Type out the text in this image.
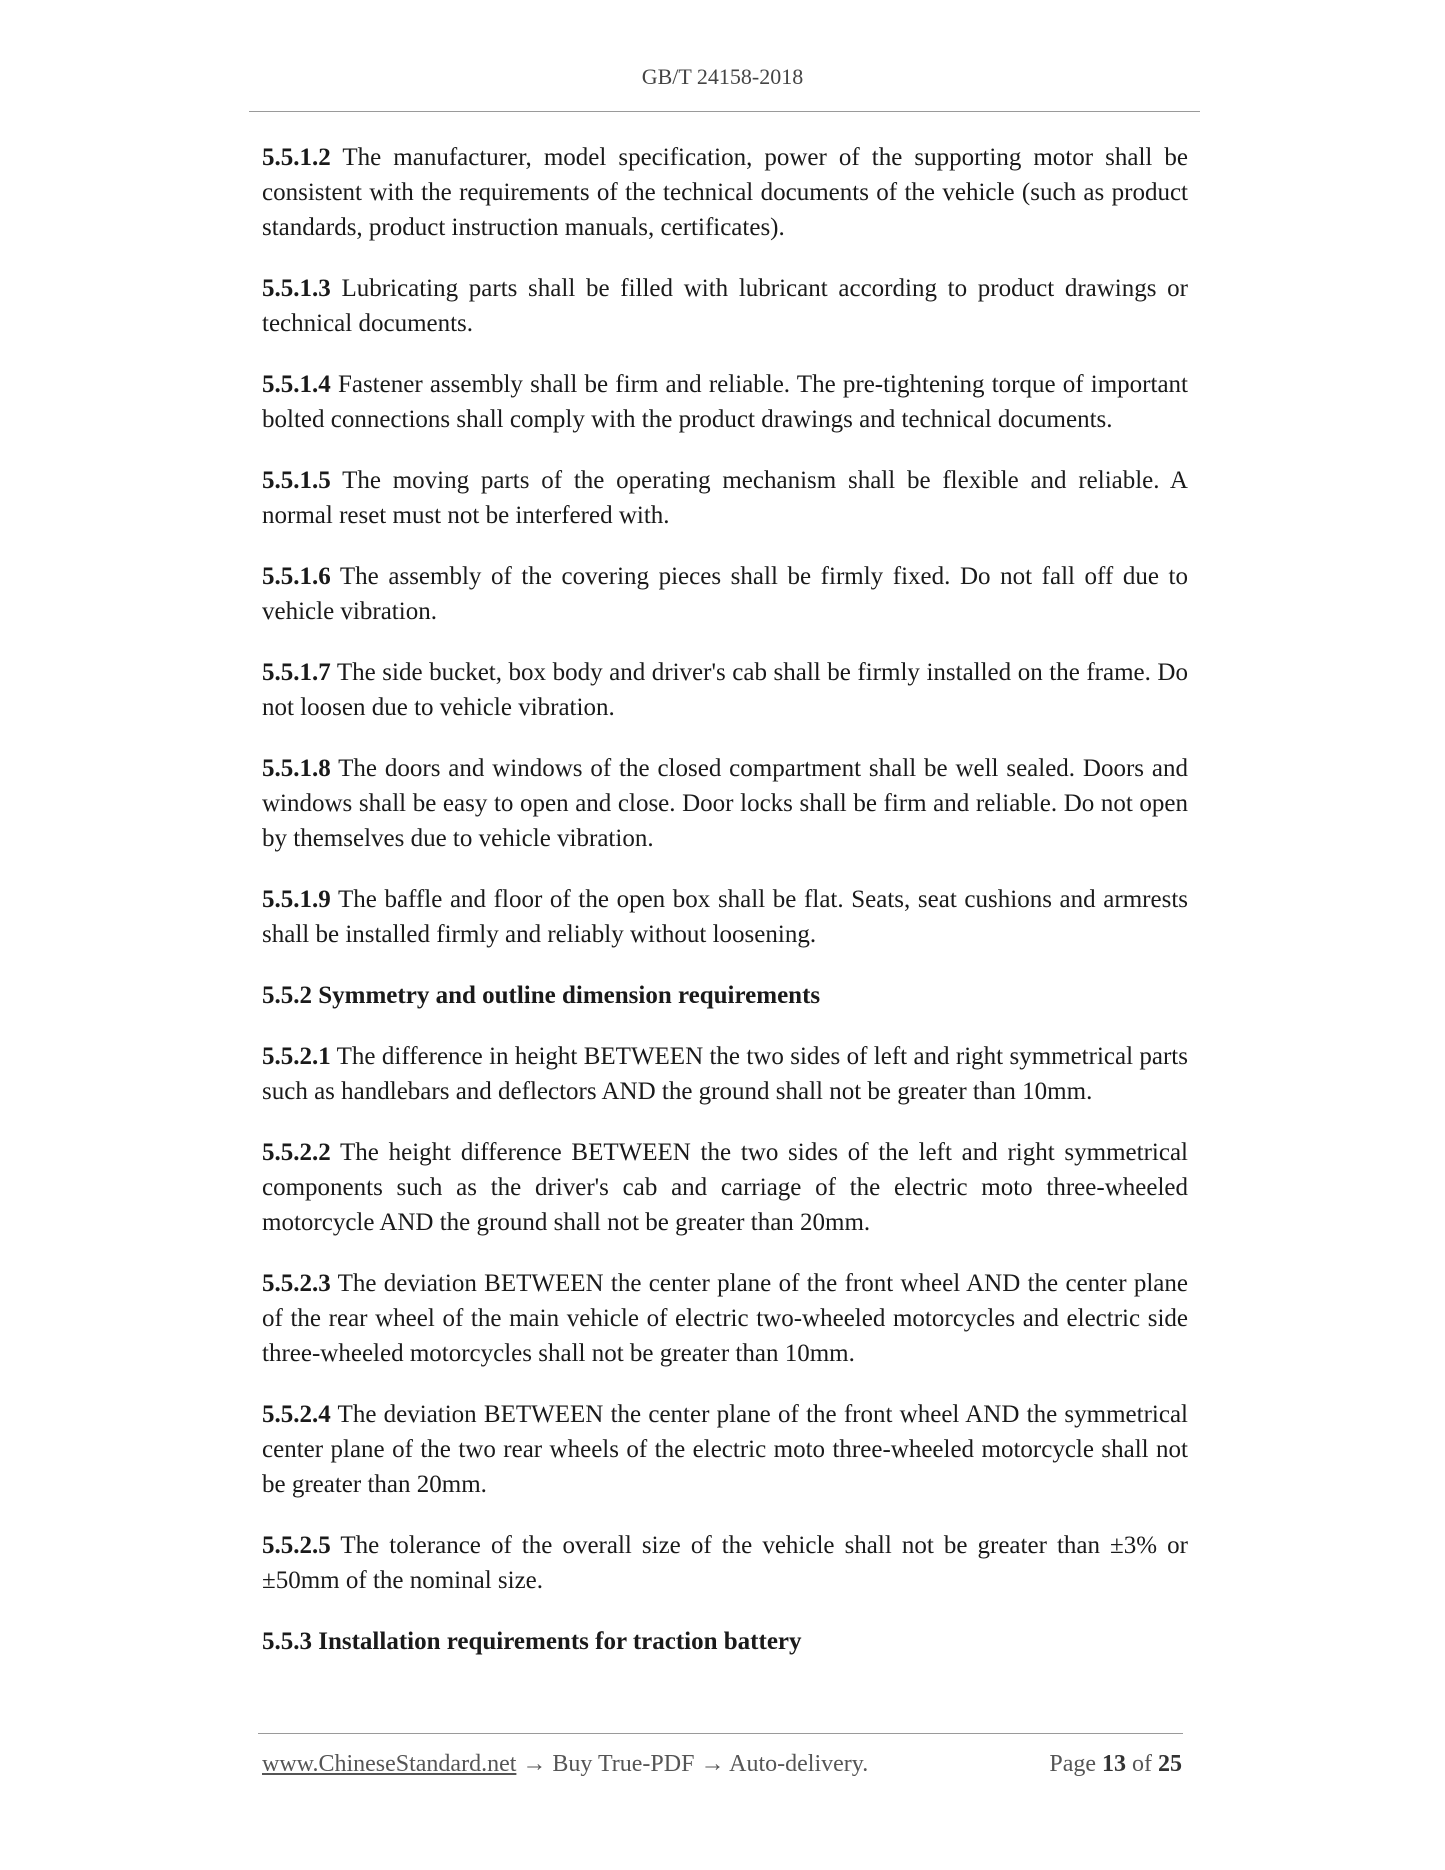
GB/T 24158-2018

5.5.1.2 The manufacturer, model specification, power of the supporting motor shall be consistent with the requirements of the technical documents of the vehicle (such as product standards, product instruction manuals, certificates).

5.5.1.3 Lubricating parts shall be filled with lubricant according to product drawings or technical documents.

5.5.1.4 Fastener assembly shall be firm and reliable. The pre-tightening torque of important bolted connections shall comply with the product drawings and technical documents.

5.5.1.5 The moving parts of the operating mechanism shall be flexible and reliable. A normal reset must not be interfered with.

5.5.1.6 The assembly of the covering pieces shall be firmly fixed. Do not fall off due to vehicle vibration.

5.5.1.7 The side bucket, box body and driver's cab shall be firmly installed on the frame. Do not loosen due to vehicle vibration.

5.5.1.8 The doors and windows of the closed compartment shall be well sealed. Doors and windows shall be easy to open and close. Door locks shall be firm and reliable. Do not open by themselves due to vehicle vibration.

5.5.1.9 The baffle and floor of the open box shall be flat. Seats, seat cushions and armrests shall be installed firmly and reliably without loosening.

5.5.2 Symmetry and outline dimension requirements

5.5.2.1 The difference in height BETWEEN the two sides of left and right symmetrical parts such as handlebars and deflectors AND the ground shall not be greater than 10mm.

5.5.2.2 The height difference BETWEEN the two sides of the left and right symmetrical components such as the driver's cab and carriage of the electric moto three-wheeled motorcycle AND the ground shall not be greater than 20mm.

5.5.2.3 The deviation BETWEEN the center plane of the front wheel AND the center plane of the rear wheel of the main vehicle of electric two-wheeled motorcycles and electric side three-wheeled motorcycles shall not be greater than 10mm.

5.5.2.4 The deviation BETWEEN the center plane of the front wheel AND the symmetrical center plane of the two rear wheels of the electric moto three-wheeled motorcycle shall not be greater than 20mm.

5.5.2.5 The tolerance of the overall size of the vehicle shall not be greater than ±3% or ±50mm of the nominal size.

5.5.3 Installation requirements for traction battery
www.ChineseStandard.net → Buy True-PDF → Auto-delivery.	Page 13 of 25
